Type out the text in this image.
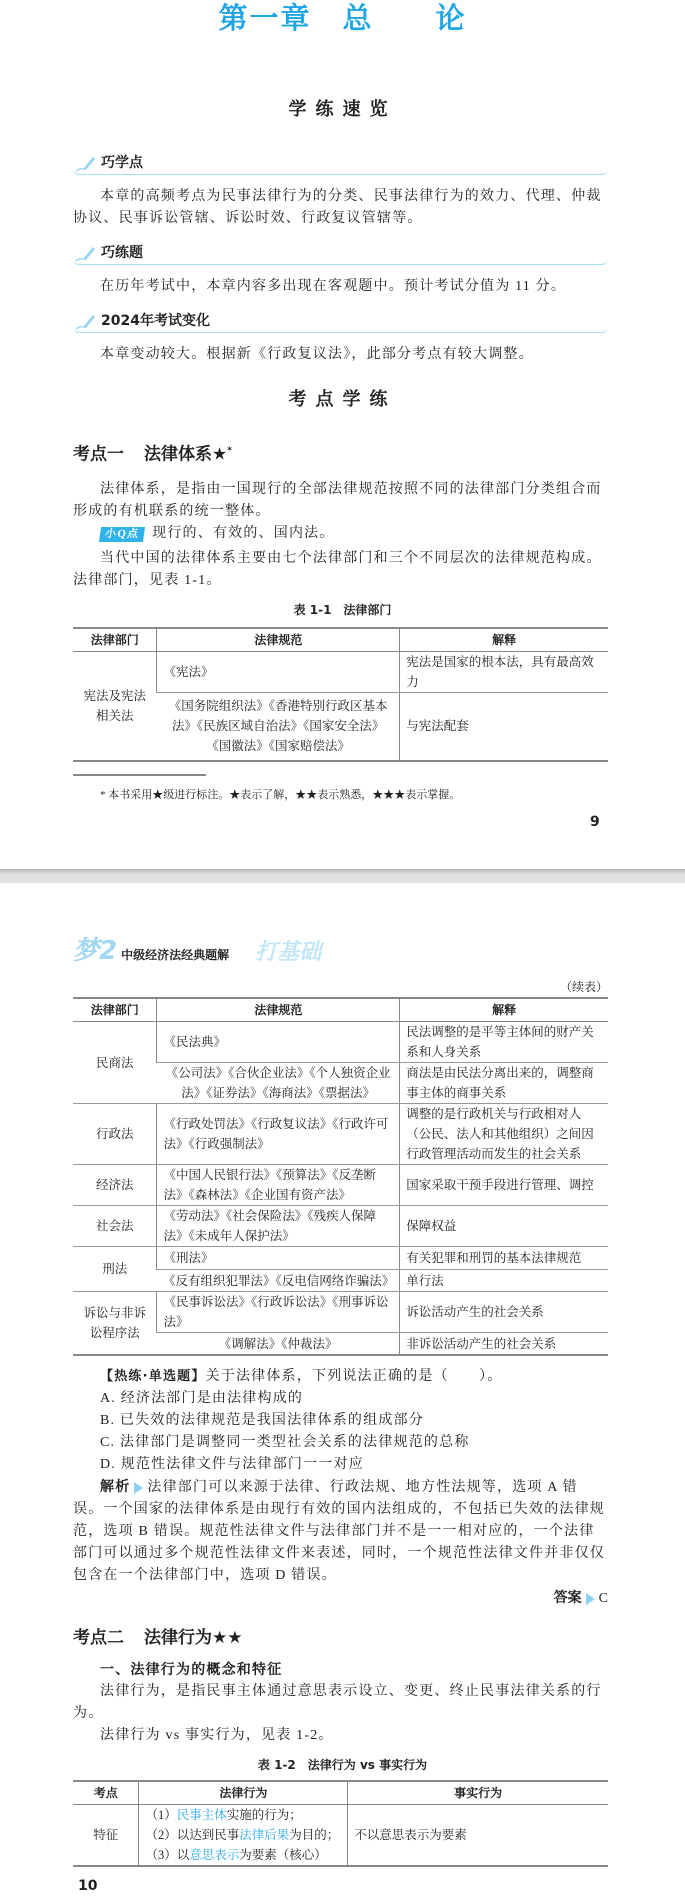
第一章　总　　论
学练速览
巧学点

本章的高频考点为民事法律行为的分类、民事法律行为的效力、代理、仲裁协议、民事诉讼管辖、诉讼时效、行政复议管辖等。

巧练题

在历年考试中，本章内容多出现在客观题中。预计考试分值为 11 分。

2024年考试变化

本章变动较大。根据新《行政复议法》，此部分考点有较大调整。

考点学练
考点一 法律体系★*

法律体系，是指由一国现行的全部法律规范按照不同的法律部门分类组合而形成的有机联系的统一整体。

小Q点 现行的、有效的、国内法。

当代中国的法律体系主要由七个法律部门和三个不同层次的法律规范构成。法律部门，见表 1-1。

表 1-1　法律部门
法律部门	法律规范	解释
宪法及宪法相关法	《宪法》	宪法是国家的根本法，具有最高效力
	《国务院组织法》《香港特别行政区基本法》《民族区域自治法》《国家安全法》《国徽法》《国家赔偿法》	与宪法配套
* 本书采用★级进行标注。★表示了解，★★表示熟悉，★★★表示掌握。
9
梦2 中级经济法经典题解 打基础
（续表）
法律部门	法律规范	解释
民商法	《民法典》	民法调整的是平等主体间的财产关系和人身关系
	《公司法》《合伙企业法》《个人独资企业法》《证券法》《海商法》《票据法》	商法是由民法分离出来的，调整商事主体的商事关系
行政法	《行政处罚法》《行政复议法》《行政许可法》《行政强制法》	调整的是行政机关与行政相对人（公民、法人和其他组织）之间因行政管理活动而发生的社会关系
经济法	《中国人民银行法》《预算法》《反垄断法》《森林法》《企业国有资产法》	国家采取干预手段进行管理、调控
社会法	《劳动法》《社会保险法》《残疾人保障法》《未成年人保护法》	保障权益
刑法	《刑法》	有关犯罪和刑罚的基本法律规范
	《反有组织犯罪法》《反电信网络诈骗法》	单行法
诉讼与非诉讼程序法	《民事诉讼法》《行政诉讼法》《刑事诉讼法》	诉讼活动产生的社会关系
	《调解法》《仲裁法》	非诉讼活动产生的社会关系

【热练·单选题】关于法律体系，下列说法正确的是（　　）。

A. 经济法部门是由法律构成的

B. 已失效的法律规范是我国法律体系的组成部分

C. 法律部门是调整同一类型社会关系的法律规范的总称

D. 规范性法律文件与法律部门一一对应

解析 法律部门可以来源于法律、行政法规、地方性法规等，选项 A 错误。一个国家的法律体系是由现行有效的国内法组成的，不包括已失效的法律规范，选项 B 错误。规范性法律文件与法律部门并不是一一相对应的，一个法律部门可以通过多个规范性法律文件来表述，同时，一个规范性法律文件并非仅仅包含在一个法律部门中，选项 D 错误。

答案 C
考点二 法律行为★★

一、法律行为的概念和特征

法律行为，是指民事主体通过意思表示设立、变更、终止民事法律关系的行为。

法律行为 vs 事实行为，见表 1-2。

表 1-2　法律行为 vs 事实行为
考点	法律行为	事实行为
特征	（1）民事主体实施的行为；
（2）以达到民事法律后果为目的；
（3）以意思表示为要素（核心）	不以意思表示为要素
10
